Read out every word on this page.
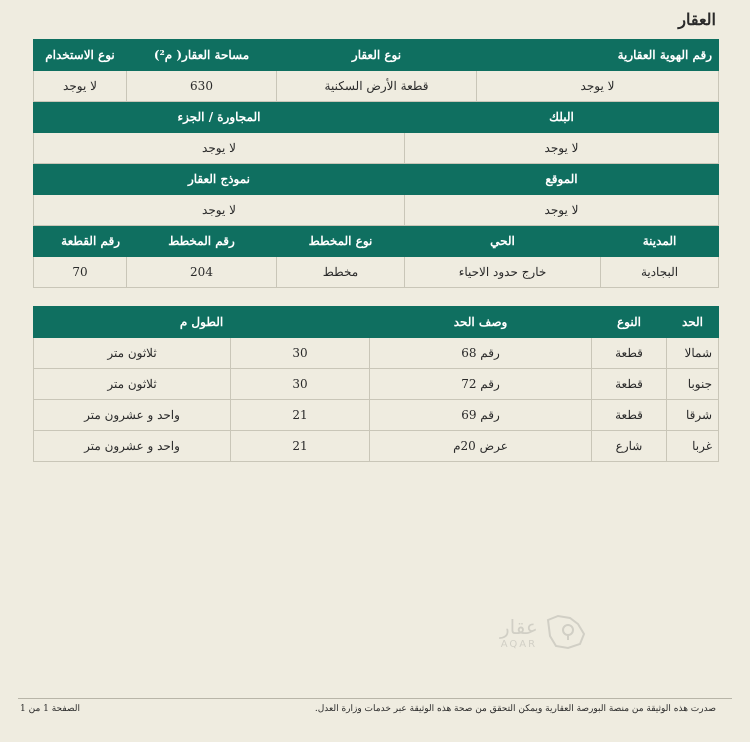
العقار
رقم الهوية العقارية		نوع العقار		مساحة العقار( م²)	نوع الاستخدام
لا يوجد		قطعة الأرض السكنية		630	لا يوجد
البلك			المجاورة / الجزء		
لا يوجد			لا يوجد		
الموقع			نموذج العقار		
لا يوجد			لا يوجد		
المدينة	الحي		نوع المخطط	رقم المخطط	رقم القطعة
البجادية	خارج حدود الاحياء		مخطط	204	70
الحد	النوع	وصف الحد	الطول م	
شمالا	قطعة	رقم 68	30	ثلاثون متر
جنوبا	قطعة	رقم 72	30	ثلاثون متر
شرقا	قطعة	رقم 69	21	واحد و عشرون متر
غربا	شارع	عرض 20م	21	واحد و عشرون متر
عقار
AQAR
صدرت هذه الوثيقة من منصة البورصة العقارية ويمكن التحقق من صحة هذه الوثيقة عبر خدمات وزارة العدل.
الصفحة 1 من 1
